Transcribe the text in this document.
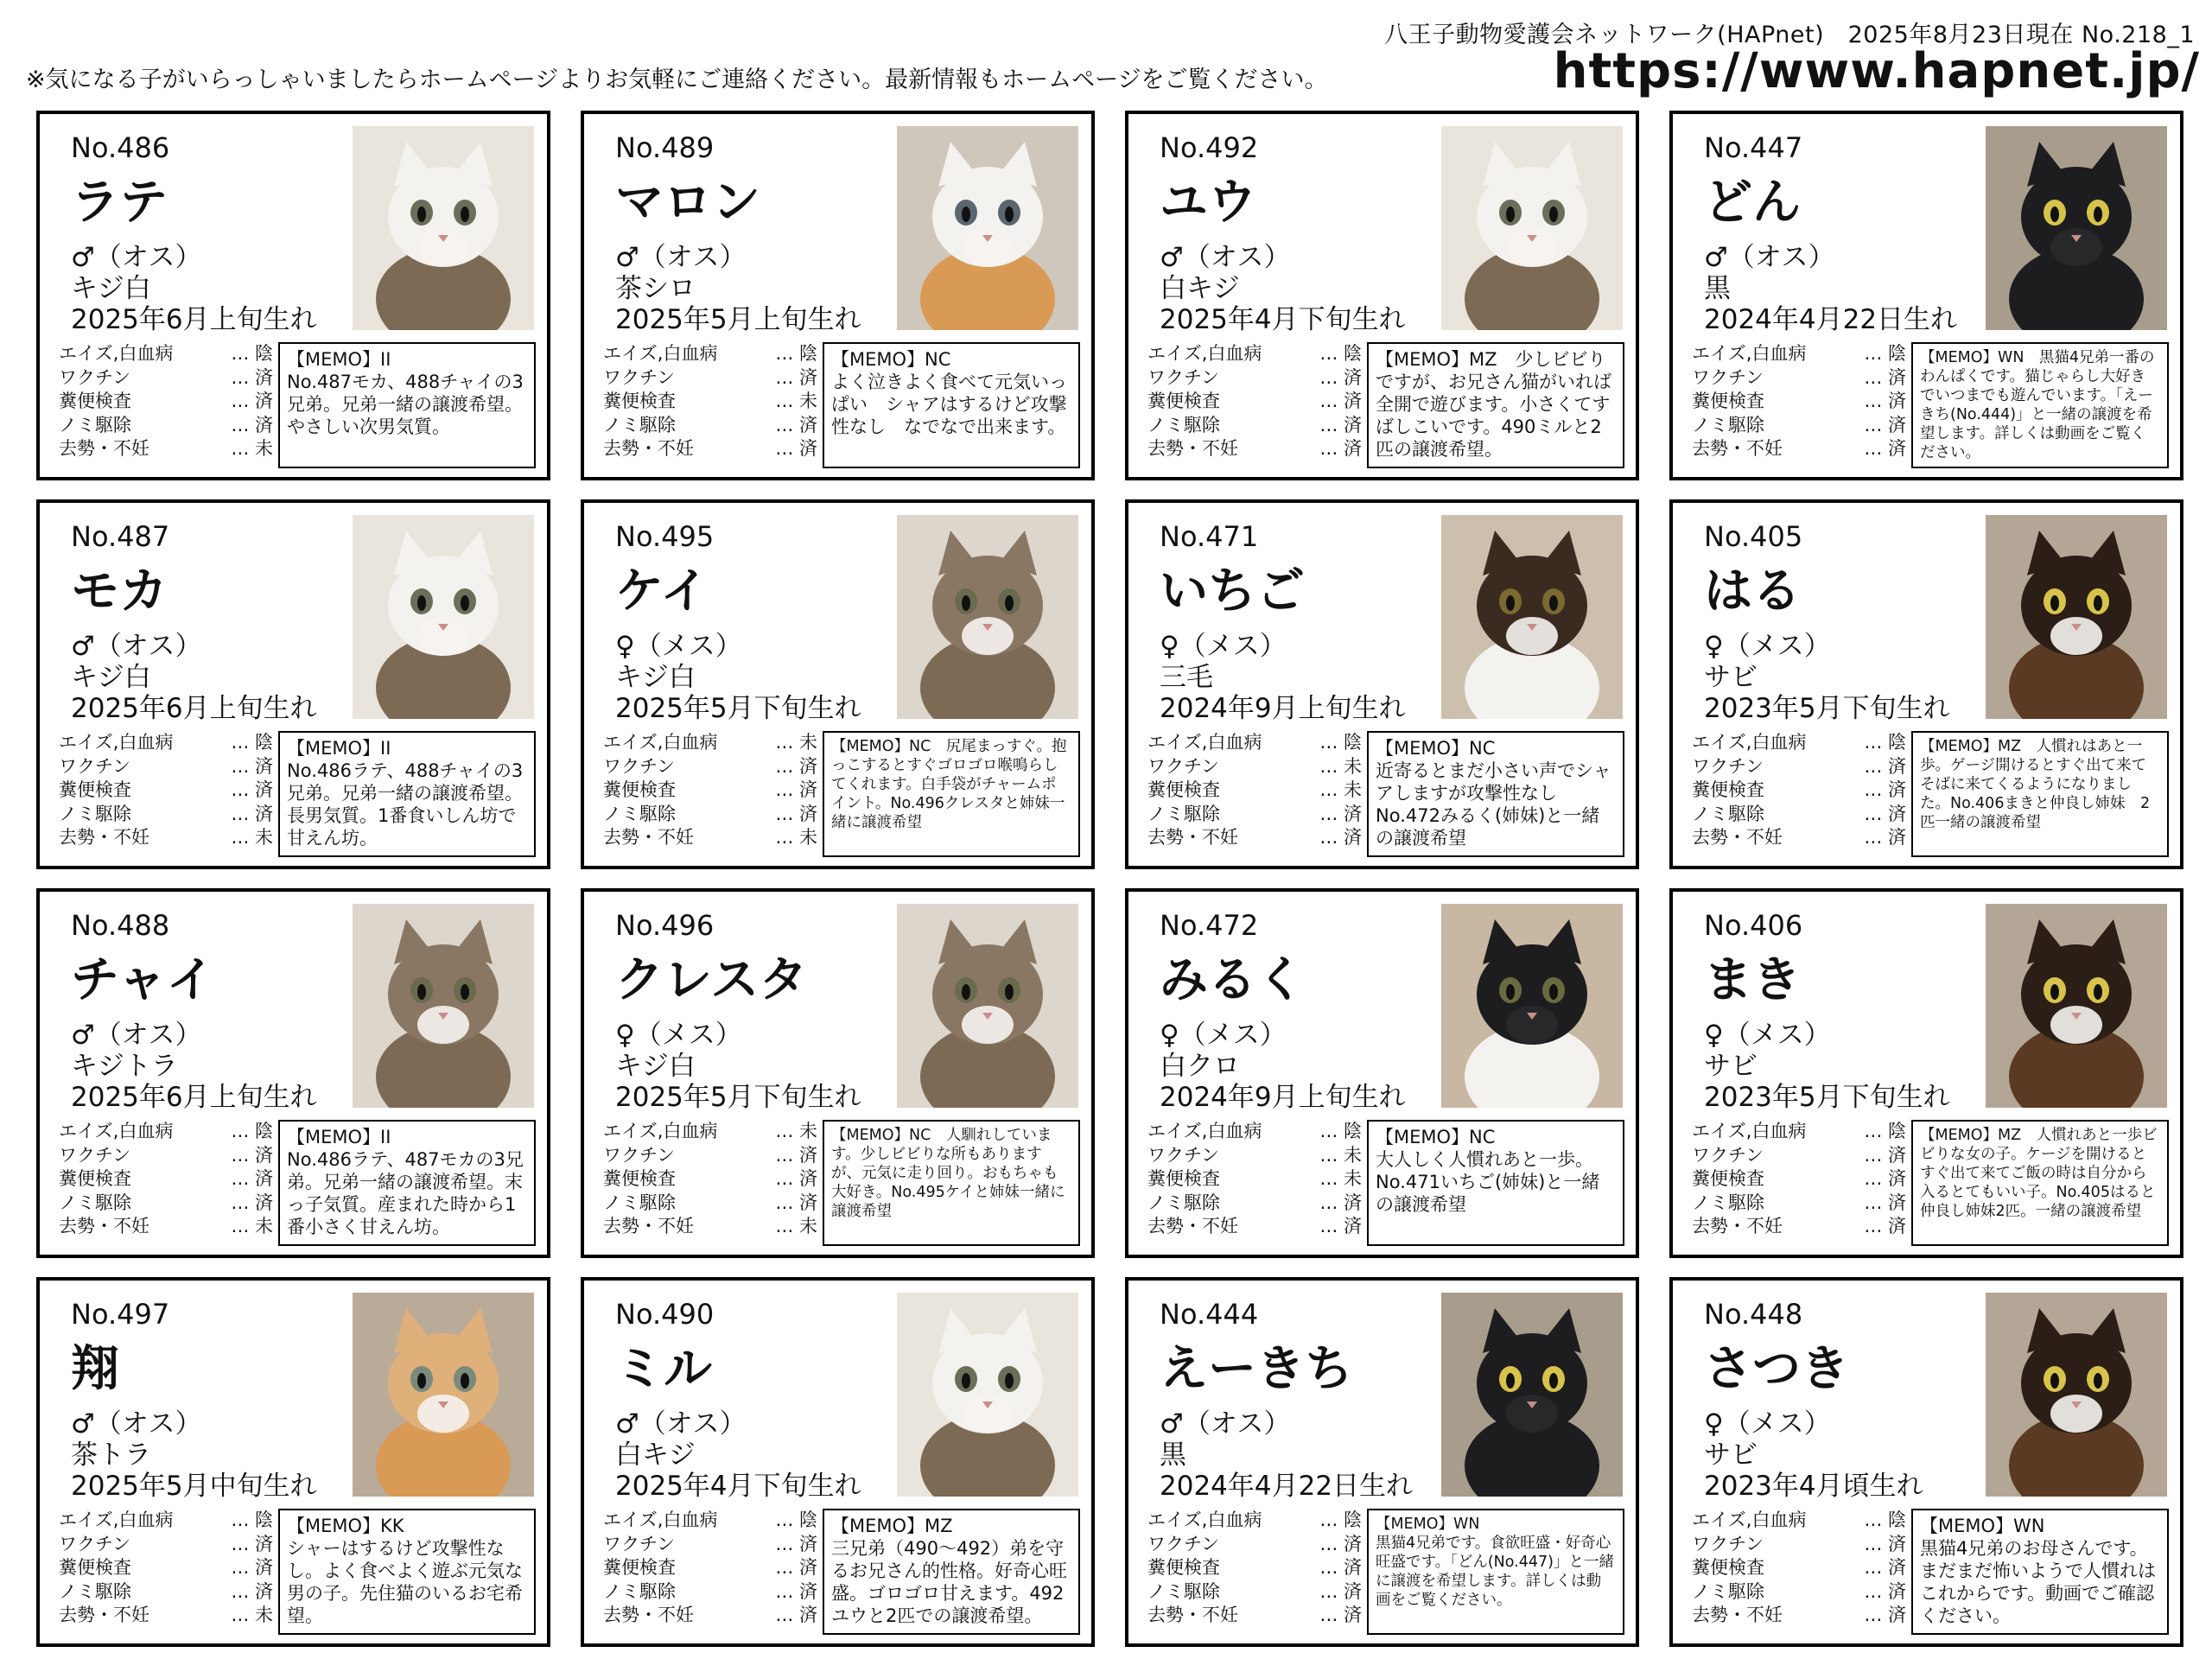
八王子動物愛護会ネットワーク(HAPnet)　2025年8月23日現在 No.218_1
※気になる子がいらっしゃいましたらホームページよりお気軽にご連絡ください。最新情報もホームページをご覧ください。	https://www.hapnet.jp/
No.486
ラテ
♂（オス）
キジ白
2025年6月上旬生れ
エイズ,白血病	… 陰
ワクチン	… 済
糞便検査	… 済
ノミ駆除	… 済
去勢・不妊	… 未
【MEMO】II
No.487モカ、488チャイの3兄弟。兄弟一緒の譲渡希望。やさしい次男気質。
No.489
マロン
♂（オス）
茶シロ
2025年5月上旬生れ
エイズ,白血病	… 陰
ワクチン	… 済
糞便検査	… 未
ノミ駆除	… 済
去勢・不妊	… 済
【MEMO】NC
よく泣きよく食べて元気いっぱい　シャアはするけど攻撃性なし　なでなで出来ます。
No.492
ユウ
♂（オス）
白キジ
2025年4月下旬生れ
エイズ,白血病	… 陰
ワクチン	… 済
糞便検査	… 済
ノミ駆除	… 済
去勢・不妊	… 済
【MEMO】MZ　少しビビりですが、お兄さん猫がいれば全開で遊びます。小さくてすばしこいです。490ミルと2匹の譲渡希望。
No.447
どん
♂（オス）
黒
2024年4月22日生れ
エイズ,白血病	… 陰
ワクチン	… 済
糞便検査	… 済
ノミ駆除	… 済
去勢・不妊	… 済
【MEMO】WN　黒猫4兄弟一番のわんぱくです。猫じゃらし大好きでいつまでも遊んでいます。「えーきち(No.444)」と一緒の譲渡を希望します。詳しくは動画をご覧ください。
No.487
モカ
♂（オス）
キジ白
2025年6月上旬生れ
エイズ,白血病	… 陰
ワクチン	… 済
糞便検査	… 済
ノミ駆除	… 済
去勢・不妊	… 未
【MEMO】II
No.486ラテ、488チャイの3兄弟。兄弟一緒の譲渡希望。長男気質。1番食いしん坊で甘えん坊。
No.495
ケイ
♀（メス）
キジ白
2025年5月下旬生れ
エイズ,白血病	… 未
ワクチン	… 済
糞便検査	… 済
ノミ駆除	… 済
去勢・不妊	… 未
【MEMO】NC　尻尾まっすぐ。抱っこするとすぐゴロゴロ喉鳴らしてくれます。白手袋がチャームポイント。No.496クレスタと姉妹一緒に譲渡希望
No.471
いちご
♀（メス）
三毛
2024年9月上旬生れ
エイズ,白血病	… 陰
ワクチン	… 未
糞便検査	… 未
ノミ駆除	… 済
去勢・不妊	… 済
【MEMO】NC
近寄るとまだ小さい声でシャアしますが攻撃性なしNo.472みるく(姉妹)と一緒の譲渡希望
No.405
はる
♀（メス）
サビ
2023年5月下旬生れ
エイズ,白血病	… 陰
ワクチン	… 済
糞便検査	… 済
ノミ駆除	… 済
去勢・不妊	… 済
【MEMO】MZ　人慣れはあと一歩。ゲージ開けるとすぐ出て来てそばに来てくるようになりました。No.406まきと仲良し姉妹　2匹一緒の譲渡希望
No.488
チャイ
♂（オス）
キジトラ
2025年6月上旬生れ
エイズ,白血病	… 陰
ワクチン	… 済
糞便検査	… 済
ノミ駆除	… 済
去勢・不妊	… 未
【MEMO】II
No.486ラテ、487モカの3兄弟。兄弟一緒の譲渡希望。末っ子気質。産まれた時から1番小さく甘えん坊。
No.496
クレスタ
♀（メス）
キジ白
2025年5月下旬生れ
エイズ,白血病	… 未
ワクチン	… 済
糞便検査	… 済
ノミ駆除	… 済
去勢・不妊	… 未
【MEMO】NC　人馴れしています。少しビビりな所もありますが、元気に走り回り。おもちゃも大好き。No.495ケイと姉妹一緒に譲渡希望
No.472
みるく
♀（メス）
白クロ
2024年9月上旬生れ
エイズ,白血病	… 陰
ワクチン	… 未
糞便検査	… 未
ノミ駆除	… 済
去勢・不妊	… 済
【MEMO】NC
大人しく人慣れあと一歩。No.471いちご(姉妹)と一緒の譲渡希望
No.406
まき
♀（メス）
サビ
2023年5月下旬生れ
エイズ,白血病	… 陰
ワクチン	… 済
糞便検査	… 済
ノミ駆除	… 済
去勢・不妊	… 済
【MEMO】MZ　人慣れあと一歩ビビりな女の子。ケージを開けるとすぐ出て来てご飯の時は自分から入るとてもいい子。No.405はると仲良し姉妹2匹。一緒の譲渡希望
No.497
翔
♂（オス）
茶トラ
2025年5月中旬生れ
エイズ,白血病	… 陰
ワクチン	… 済
糞便検査	… 済
ノミ駆除	… 済
去勢・不妊	… 未
【MEMO】KK
シャーはするけど攻撃性なし。よく食べよく遊ぶ元気な男の子。先住猫のいるお宅希望。
No.490
ミル
♂（オス）
白キジ
2025年4月下旬生れ
エイズ,白血病	… 陰
ワクチン	… 済
糞便検査	… 済
ノミ駆除	… 済
去勢・不妊	… 済
【MEMO】MZ
三兄弟（490〜492）弟を守るお兄さん的性格。好奇心旺盛。ゴロゴロ甘えます。492ユウと2匹での譲渡希望。
No.444
えーきち
♂（オス）
黒
2024年4月22日生れ
エイズ,白血病	… 陰
ワクチン	… 済
糞便検査	… 済
ノミ駆除	… 済
去勢・不妊	… 済
【MEMO】WN
黒猫4兄弟です。食欲旺盛・好奇心旺盛です。「どん(No.447)」と一緒に譲渡を希望します。詳しくは動画をご覧ください。
No.448
さつき
♀（メス）
サビ
2023年4月頃生れ
エイズ,白血病	… 陰
ワクチン	… 済
糞便検査	… 済
ノミ駆除	… 済
去勢・不妊	… 済
【MEMO】WN
黒猫4兄弟のお母さんです。まだまだ怖いようで人慣れはこれからです。動画でご確認ください。
